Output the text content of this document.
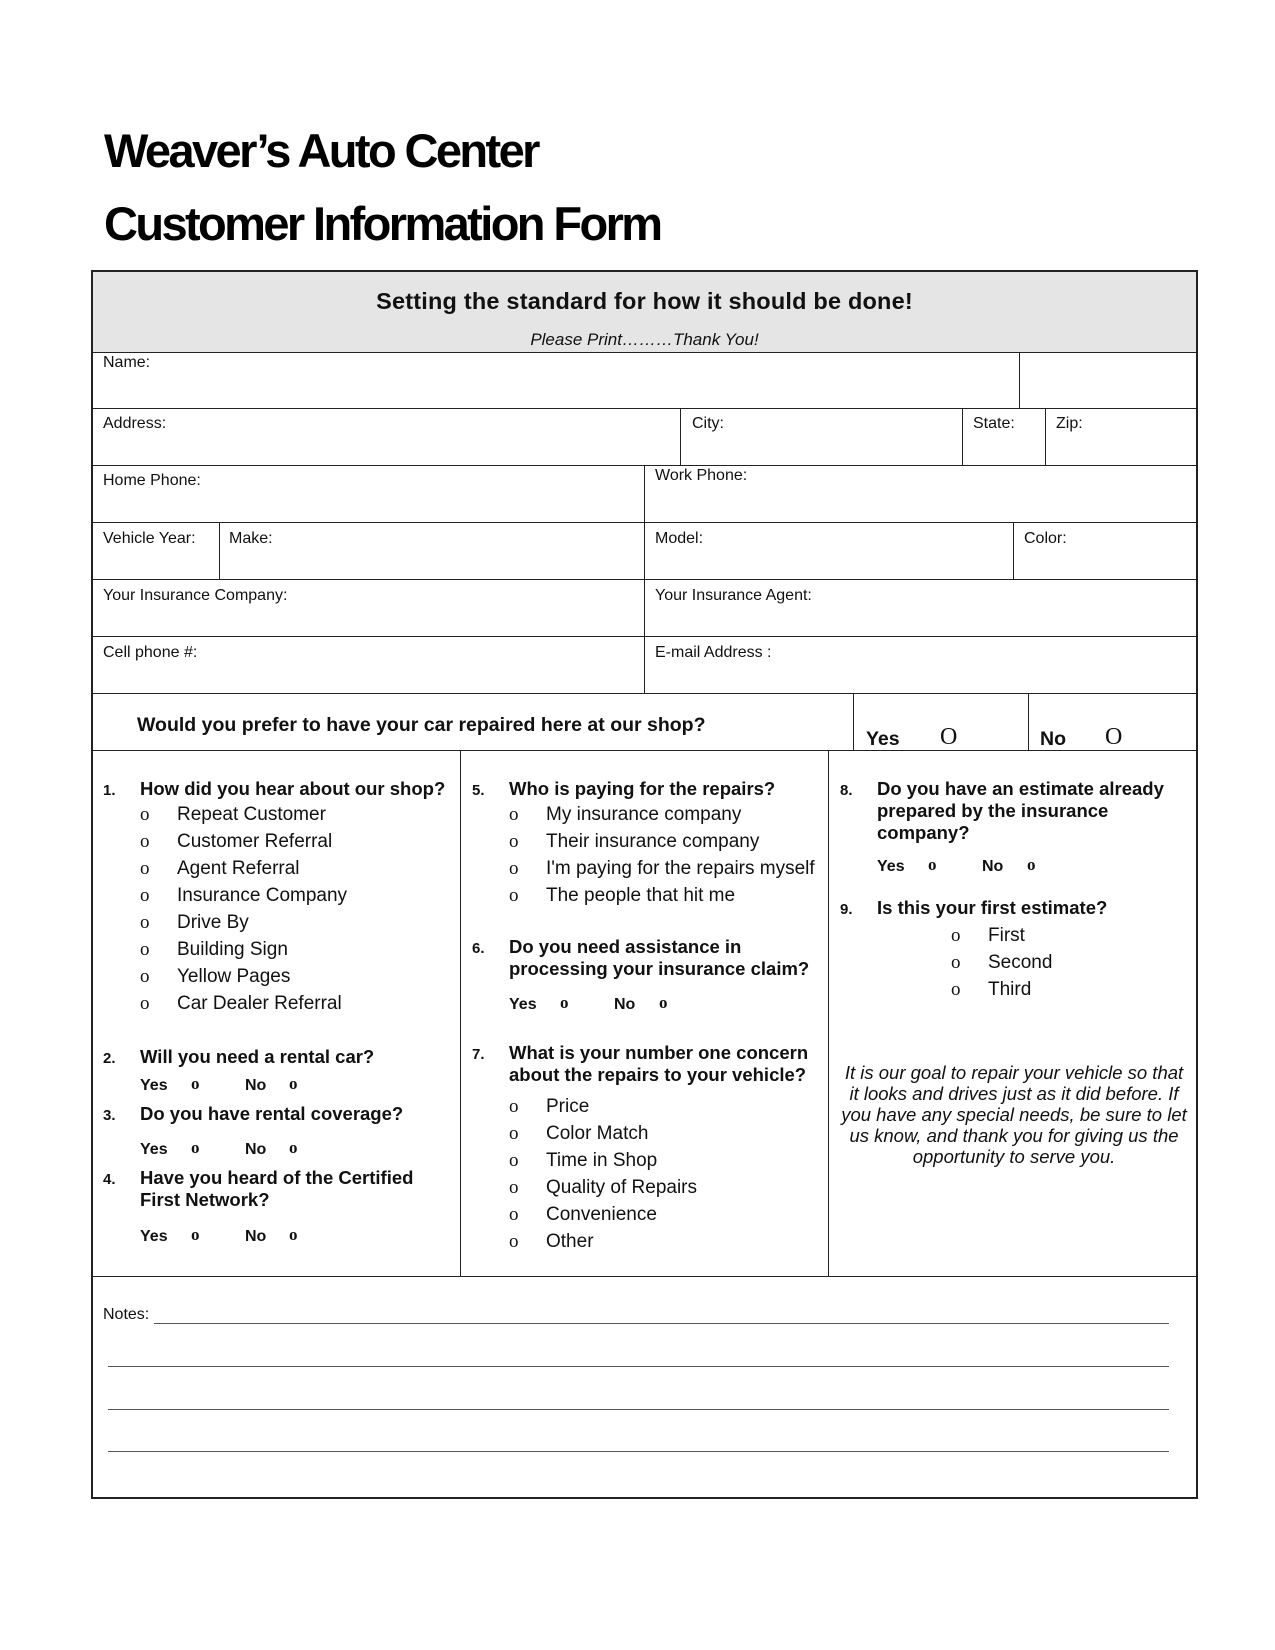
Weaver’s Auto Center
Customer Information Form
Setting the standard for how it should be done!
Please Print………Thank You!
Name:
Address:	City:	State:	Zip:
Home Phone:	Work Phone:
Vehicle Year: Make:	Model:	Color:
Your Insurance Company:	Your Insurance Agent:
Cell phone #:	E-mail Address :
Would you prefer to have your car repaired here at our shop?
Yes O	No O
1. How did you hear about our shop?
o Repeat Customer
o Customer Referral
o Agent Referral
o Insurance Company
o Drive By
o Building Sign
o Yellow Pages
o Car Dealer Referral
2. Will you need a rental car?
Yes o	No o
3. Do you have rental coverage?
Yes o	No o
4. Have you heard of the Certified
First Network?
Yes o	No o
5. Who is paying for the repairs?
o My insurance company
o Their insurance company
o I'm paying for the repairs myself
o The people that hit me
6. Do you need assistance in
processing your insurance claim?
Yes o	No o
7. What is your number one concern
about the repairs to your vehicle?
o Price
o Color Match
o Time in Shop
o Quality of Repairs
o Convenience
o Other
8. Do you have an estimate already
prepared by the insurance
company?
Yes o	No o
9. Is this your first estimate?
o First
o Second
o Third
It is our goal to repair your vehicle so that
it looks and drives just as it did before. If
you have any special needs, be sure to let
us know, and thank you for giving us the
opportunity to serve you.
Notes:
